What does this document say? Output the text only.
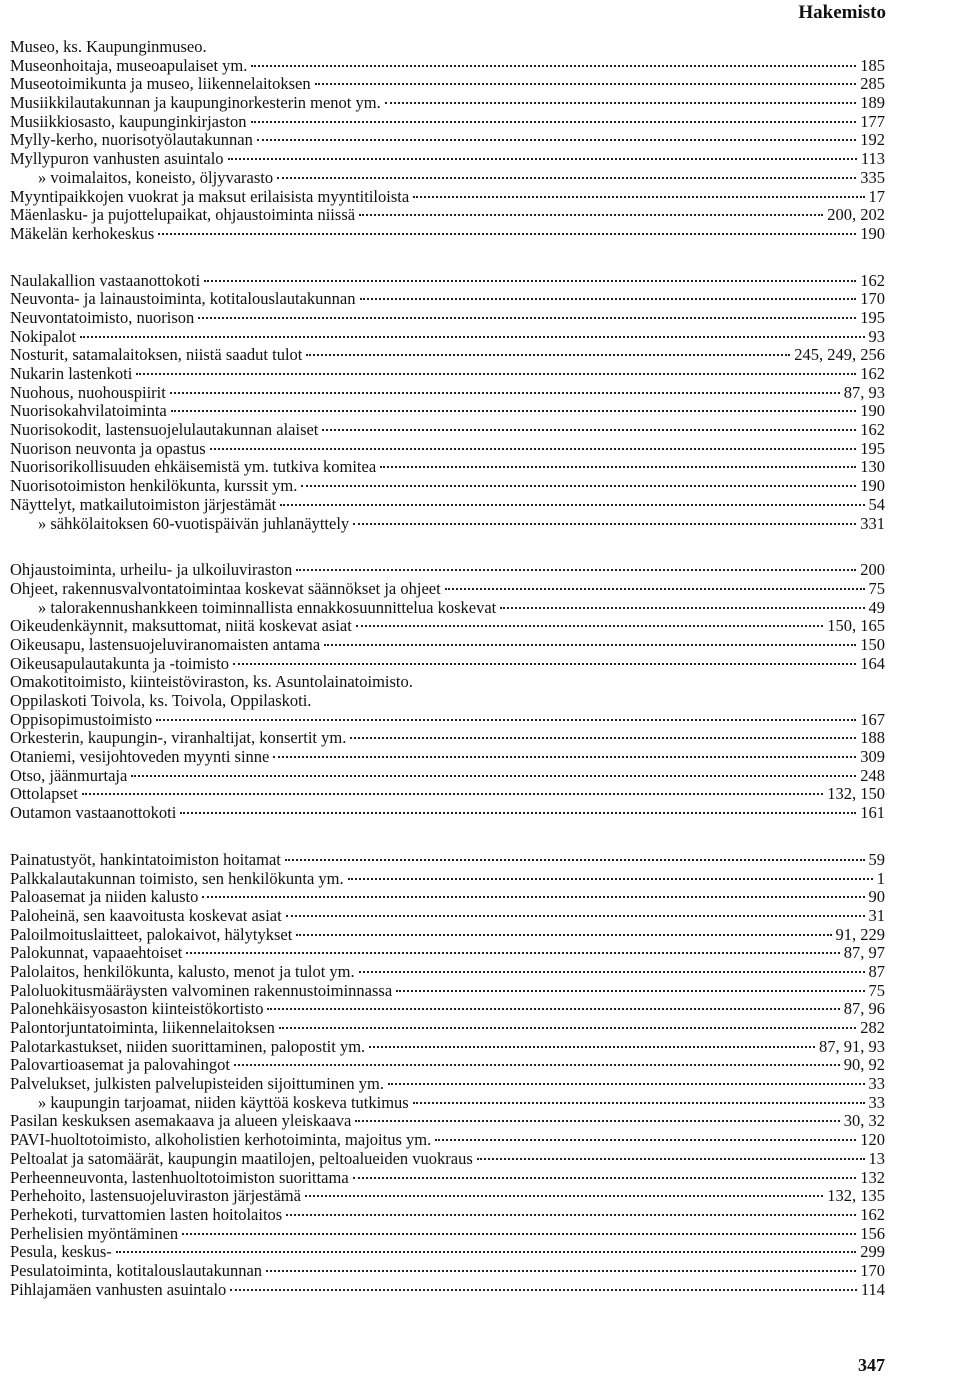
Hakemisto
Museo, ks. Kaupunginmuseo.
Museonhoitaja, museoapulaiset ym.	185
Museotoimikunta ja museo, liikennelaitoksen	285
Musiikkilautakunnan ja kaupunginorkesterin menot ym.	189
Musiikkiosasto, kaupunginkirjaston	177
Mylly-kerho, nuorisotyölautakunnan	192
Myllypuron vanhusten asuintalo	113
» voimalaitos, koneisto, öljyvarasto	335
Myyntipaikkojen vuokrat ja maksut erilaisista myyntitiloista	17
Mäenlasku- ja pujottelupaikat, ohjaustoiminta niissä	200, 202
Mäkelän kerhokeskus	190
Naulakallion vastaanottokoti	162
Neuvonta- ja lainaustoiminta, kotitalouslautakunnan	170
Neuvontatoimisto, nuorison	195
Nokipalot	93
Nosturit, satamalaitoksen, niistä saadut tulot	245, 249, 256
Nukarin lastenkoti	162
Nuohous, nuohouspiirit	87, 93
Nuorisokahvilatoiminta	190
Nuorisokodit, lastensuojelulautakunnan alaiset	162
Nuorison neuvonta ja opastus	195
Nuorisorikollisuuden ehkäisemistä ym. tutkiva komitea	130
Nuorisotoimiston henkilökunta, kurssit ym.	190
Näyttelyt, matkailutoimiston järjestämät	54
» sähkölaitoksen 60-vuotispäivän juhlanäyttely	331
Ohjaustoiminta, urheilu- ja ulkoiluviraston	200
Ohjeet, rakennusvalvontatoimintaa koskevat säännökset ja ohjeet	75
» talorakennushankkeen toiminnallista ennakkosuunnittelua koskevat	49
Oikeudenkäynnit, maksuttomat, niitä koskevat asiat	150, 165
Oikeusapu, lastensuojeluviranomaisten antama	150
Oikeusapulautakunta ja -toimisto	164
Omakotitoimisto, kiinteistöviraston, ks. Asuntolainatoimisto.
Oppilaskoti Toivola, ks. Toivola, Oppilaskoti.
Oppisopimustoimisto	167
Orkesterin, kaupungin-, viranhaltijat, konsertit ym.	188
Otaniemi, vesijohtoveden myynti sinne	309
Otso, jäänmurtaja	248
Ottolapset	132, 150
Outamon vastaanottokoti	161
Painatustyöt, hankintatoimiston hoitamat	59
Palkkalautakunnan toimisto, sen henkilökunta ym.	1
Paloasemat ja niiden kalusto	90
Paloheinä, sen kaavoitusta koskevat asiat	31
Paloilmoituslaitteet, palokaivot, hälytykset	91, 229
Palokunnat, vapaaehtoiset	87, 97
Palolaitos, henkilökunta, kalusto, menot ja tulot ym.	87
Paloluokitusmääräysten valvominen rakennustoiminnassa	75
Palonehkäisyosaston kiinteistökortisto	87, 96
Palontorjuntatoiminta, liikennelaitoksen	282
Palotarkastukset, niiden suorittaminen, palopostit ym.	87, 91, 93
Palovartioasemat ja palovahingot	90, 92
Palvelukset, julkisten palvelupisteiden sijoittuminen ym.	33
» kaupungin tarjoamat, niiden käyttöä koskeva tutkimus	33
Pasilan keskuksen asemakaava ja alueen yleiskaava	30, 32
PAVI-huoltotoimisto, alkoholistien kerhotoiminta, majoitus ym.	120
Peltoalat ja satomäärät, kaupungin maatilojen, peltoalueiden vuokraus	13
Perheenneuvonta, lastenhuoltotoimiston suorittama	132
Perhehoito, lastensuojeluviraston järjestämä	132, 135
Perhekoti, turvattomien lasten hoitolaitos	162
Perhelisien myöntäminen	156
Pesula, keskus-	299
Pesulatoiminta, kotitalouslautakunnan	170
Pihlajamäen vanhusten asuintalo	114
347
